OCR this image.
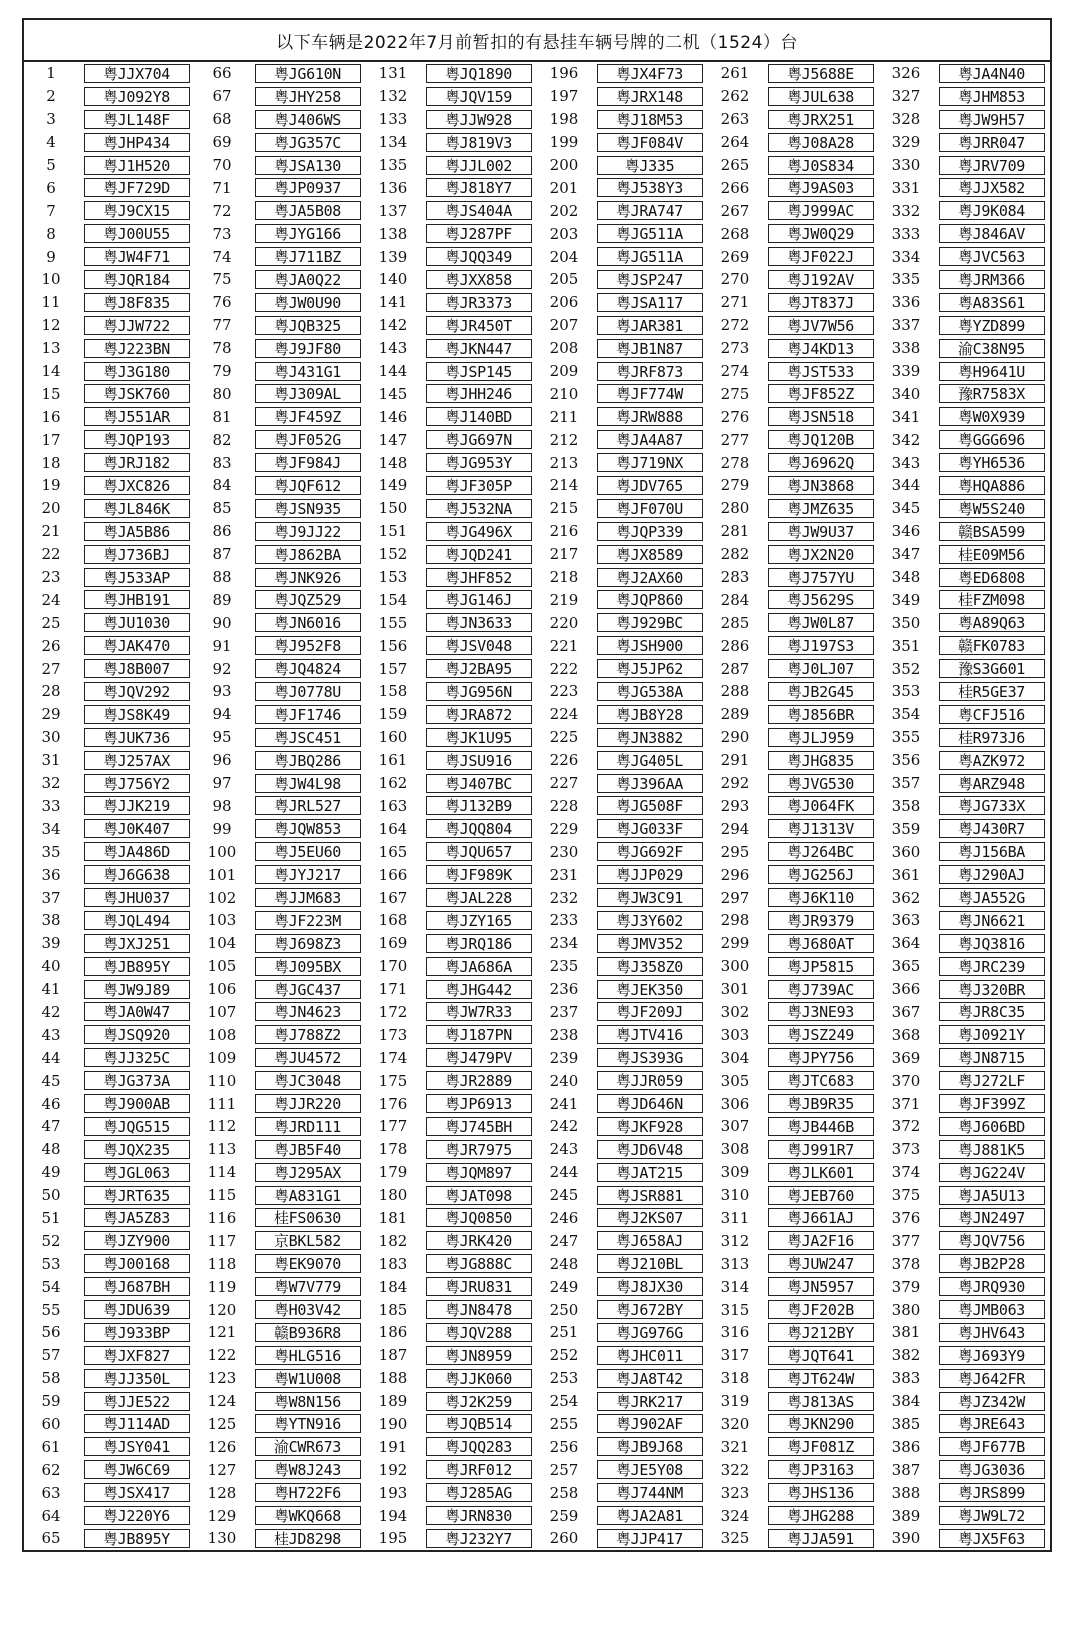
以下车辆是2022年7月前暂扣的有悬挂车辆号牌的二机（1524）台
1	粤JJX704	66	粤JG610N	131	粤JQ1890	196	粤JX4F73	261	粤J5688E	326	粤JA4N40
2	粤J092Y8	67	粤JHY258	132	粤JQV159	197	粤JRX148	262	粤JUL638	327	粤JHM853
3	粤JL148F	68	粤J406WS	133	粤JJW928	198	粤J18M53	263	粤JRX251	328	粤JW9H57
4	粤JHP434	69	粤JG357C	134	粤J819V3	199	粤JF084V	264	粤J08A28	329	粤JRR047
5	粤J1H520	70	粤JSA130	135	粤JJL002	200	粤J335	265	粤J0S834	330	粤JRV709
6	粤JF729D	71	粤JP0937	136	粤J818Y7	201	粤J538Y3	266	粤J9AS03	331	粤JJX582
7	粤J9CX15	72	粤JA5B08	137	粤JS404A	202	粤JRA747	267	粤J999AC	332	粤J9K084
8	粤J00U55	73	粤JYG166	138	粤J287PF	203	粤JG511A	268	粤JW0Q29	333	粤J846AV
9	粤JW4F71	74	粤J711BZ	139	粤JQQ349	204	粤JG511A	269	粤JF022J	334	粤JVC563
10	粤JQR184	75	粤JA0Q22	140	粤JXX858	205	粤JSP247	270	粤J192AV	335	粤JRM366
11	粤J8F835	76	粤JW0U90	141	粤JR3373	206	粤JSA117	271	粤JT837J	336	粤A83S61
12	粤JJW722	77	粤JQB325	142	粤JR450T	207	粤JAR381	272	粤JV7W56	337	粤YZD899
13	粤J223BN	78	粤J9JF80	143	粤JKN447	208	粤JB1N87	273	粤J4KD13	338	渝C38N95
14	粤J3G180	79	粤J431G1	144	粤JSP145	209	粤JRF873	274	粤JST533	339	粤H9641U
15	粤JSK760	80	粤J309AL	145	粤JHH246	210	粤JF774W	275	粤JF852Z	340	豫R7583X
16	粤J551AR	81	粤JF459Z	146	粤J140BD	211	粤JRW888	276	粤JSN518	341	粤W0X939
17	粤JQP193	82	粤JF052G	147	粤JG697N	212	粤JA4A87	277	粤JQ120B	342	粤GGG696
18	粤JRJ182	83	粤JF984J	148	粤JG953Y	213	粤J719NX	278	粤J6962Q	343	粤YH6536
19	粤JXC826	84	粤JQF612	149	粤JF305P	214	粤JDV765	279	粤JN3868	344	粤HQA886
20	粤JL846K	85	粤JSN935	150	粤J532NA	215	粤JF070U	280	粤JMZ635	345	粤W5S240
21	粤JA5B86	86	粤J9JJ22	151	粤JG496X	216	粤JQP339	281	粤JW9U37	346	赣BSA599
22	粤J736BJ	87	粤J862BA	152	粤JQD241	217	粤JX8589	282	粤JX2N20	347	桂E09M56
23	粤J533AP	88	粤JNK926	153	粤JHF852	218	粤J2AX60	283	粤J757YU	348	粤ED6808
24	粤JHB191	89	粤JQZ529	154	粤JG146J	219	粤JQP860	284	粤J5629S	349	桂FZM098
25	粤JU1030	90	粤JN6016	155	粤JN3633	220	粤J929BC	285	粤JW0L87	350	粤A89Q63
26	粤JAK470	91	粤J952F8	156	粤JSV048	221	粤JSH900	286	粤J197S3	351	赣FK0783
27	粤J8B007	92	粤JQ4824	157	粤J2BA95	222	粤J5JP62	287	粤J0LJ07	352	豫S3G601
28	粤JQV292	93	粤J0778U	158	粤JG956N	223	粤JG538A	288	粤JB2G45	353	桂R5GE37
29	粤JS8K49	94	粤JF1746	159	粤JRA872	224	粤JB8Y28	289	粤J856BR	354	粤CFJ516
30	粤JUK736	95	粤JSC451	160	粤JK1U95	225	粤JN3882	290	粤JLJ959	355	桂R973J6
31	粤J257AX	96	粤JBQ286	161	粤JSU916	226	粤JG405L	291	粤JHG835	356	粤AZK972
32	粤J756Y2	97	粤JW4L98	162	粤J407BC	227	粤J396AA	292	粤JVG530	357	粤ARZ948
33	粤JJK219	98	粤JRL527	163	粤J132B9	228	粤JG508F	293	粤J064FK	358	粤JG733X
34	粤J0K407	99	粤JQW853	164	粤JQQ804	229	粤JG033F	294	粤J1313V	359	粤J430R7
35	粤JA486D	100	粤J5EU60	165	粤JQU657	230	粤JG692F	295	粤J264BC	360	粤J156BA
36	粤J6G638	101	粤JYJ217	166	粤JF989K	231	粤JJP029	296	粤JG256J	361	粤J290AJ
37	粤JHU037	102	粤JJM683	167	粤JAL228	232	粤JW3C91	297	粤J6K110	362	粤JA552G
38	粤JQL494	103	粤JF223M	168	粤JZY165	233	粤J3Y602	298	粤JR9379	363	粤JN6621
39	粤JXJ251	104	粤J698Z3	169	粤JRQ186	234	粤JMV352	299	粤J680AT	364	粤JQ3816
40	粤JB895Y	105	粤J095BX	170	粤JA686A	235	粤J358Z0	300	粤JP5815	365	粤JRC239
41	粤JW9J89	106	粤JGC437	171	粤JHG442	236	粤JEK350	301	粤J739AC	366	粤J320BR
42	粤JA0W47	107	粤JN4623	172	粤JW7R33	237	粤JF209J	302	粤J3NE93	367	粤JR8C35
43	粤JSQ920	108	粤J788Z2	173	粤J187PN	238	粤JTV416	303	粤JSZ249	368	粤J0921Y
44	粤JJ325C	109	粤JU4572	174	粤J479PV	239	粤JS393G	304	粤JPY756	369	粤JN8715
45	粤JG373A	110	粤JC3048	175	粤JR2889	240	粤JJR059	305	粤JTC683	370	粤J272LF
46	粤J900AB	111	粤JJR220	176	粤JP6913	241	粤JD646N	306	粤JB9R35	371	粤JF399Z
47	粤JQG515	112	粤JRD111	177	粤J745BH	242	粤JKF928	307	粤JB446B	372	粤J606BD
48	粤JQX235	113	粤JB5F40	178	粤JR7975	243	粤JD6V48	308	粤J991R7	373	粤J881K5
49	粤JGL063	114	粤J295AX	179	粤JQM897	244	粤JAT215	309	粤JLK601	374	粤JG224V
50	粤JRT635	115	粤A831G1	180	粤JAT098	245	粤JSR881	310	粤JEB760	375	粤JA5U13
51	粤JA5Z83	116	桂FS0630	181	粤JQ0850	246	粤J2KS07	311	粤J661AJ	376	粤JN2497
52	粤JZY900	117	京BKL582	182	粤JRK420	247	粤J658AJ	312	粤JA2F16	377	粤JQV756
53	粤J00168	118	粤EK9070	183	粤JG888C	248	粤J210BL	313	粤JUW247	378	粤JB2P28
54	粤J687BH	119	粤W7V779	184	粤JRU831	249	粤J8JX30	314	粤JN5957	379	粤JRQ930
55	粤JDU639	120	粤H03V42	185	粤JN8478	250	粤J672BY	315	粤JF202B	380	粤JMB063
56	粤J933BP	121	赣B936R8	186	粤JQV288	251	粤JG976G	316	粤J212BY	381	粤JHV643
57	粤JXF827	122	粤HLG516	187	粤JN8959	252	粤JHC011	317	粤JQT641	382	粤J693Y9
58	粤JJ350L	123	粤W1U008	188	粤JJK060	253	粤JA8T42	318	粤JT624W	383	粤J642FR
59	粤JJE522	124	粤W8N156	189	粤J2K259	254	粤JRK217	319	粤J813AS	384	粤JZ342W
60	粤J114AD	125	粤YTN916	190	粤JQB514	255	粤J902AF	320	粤JKN290	385	粤JRE643
61	粤JSY041	126	渝CWR673	191	粤JQQ283	256	粤JB9J68	321	粤JF081Z	386	粤JF677B
62	粤JW6C69	127	粤W8J243	192	粤JRF012	257	粤JE5Y08	322	粤JP3163	387	粤JG3036
63	粤JSX417	128	粤H722F6	193	粤J285AG	258	粤J744NM	323	粤JHS136	388	粤JRS899
64	粤J220Y6	129	粤WKQ668	194	粤JRN830	259	粤JA2A81	324	粤JHG288	389	粤JW9L72
65	粤JB895Y	130	桂JD8298	195	粤J232Y7	260	粤JJP417	325	粤JJA591	390	粤JX5F63
